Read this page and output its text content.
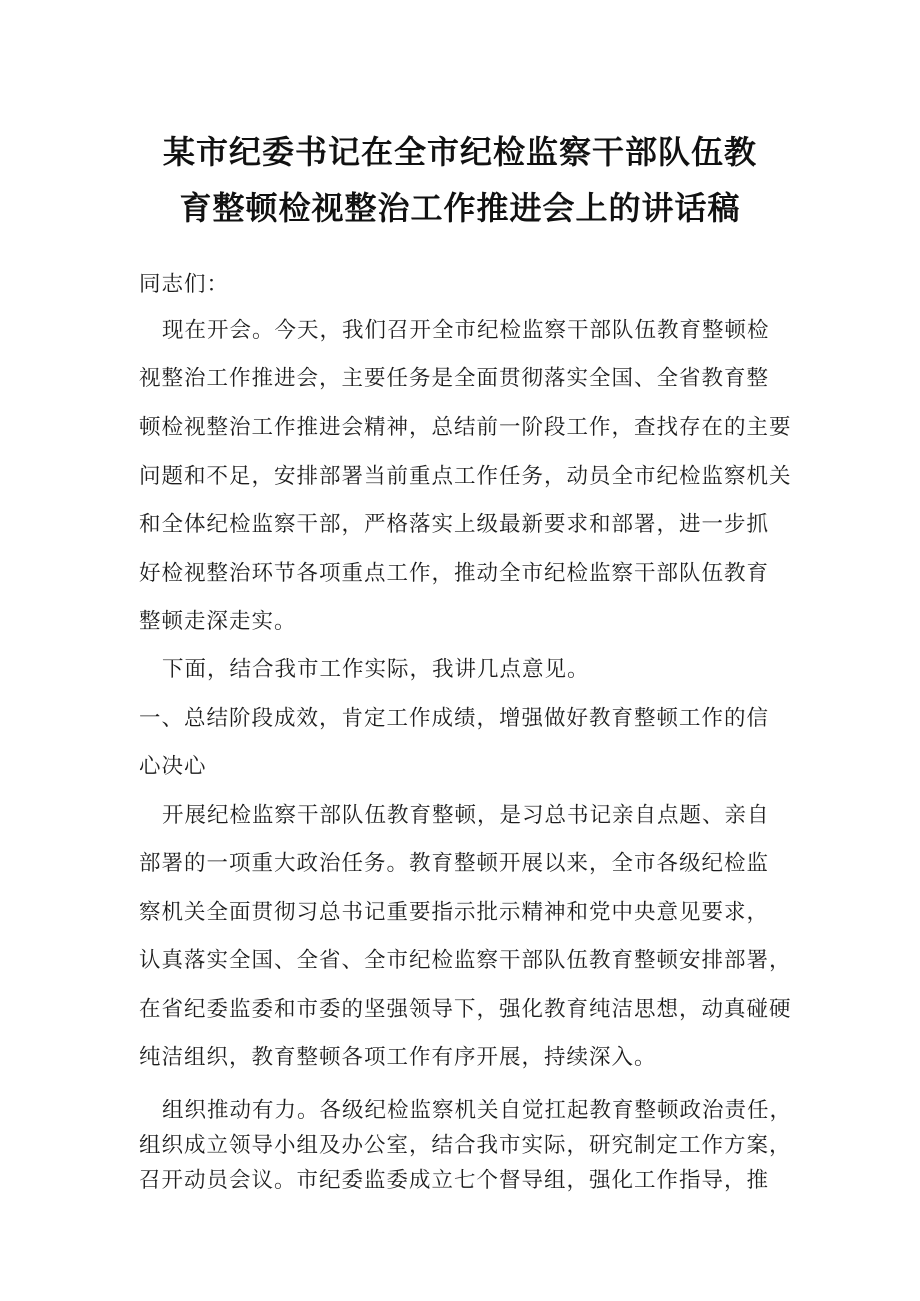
某市纪委书记在全市纪检监察干部队伍教
育整顿检视整治工作推进会上的讲话稿
同志们：
现在开会。今天，我们召开全市纪检监察干部队伍教育整顿检
视整治工作推进会，主要任务是全面贯彻落实全国、全省教育整
顿检视整治工作推进会精神，总结前一阶段工作，查找存在的主要
问题和不足，安排部署当前重点工作任务，动员全市纪检监察机关
和全体纪检监察干部，严格落实上级最新要求和部署，进一步抓
好检视整治环节各项重点工作，推动全市纪检监察干部队伍教育
整顿走深走实。
下面，结合我市工作实际，我讲几点意见。
一、总结阶段成效，肯定工作成绩，增强做好教育整顿工作的信
心决心
开展纪检监察干部队伍教育整顿，是习总书记亲自点题、亲自
部署的一项重大政治任务。教育整顿开展以来，全市各级纪检监
察机关全面贯彻习总书记重要指示批示精神和党中央意见要求，
认真落实全国、全省、全市纪检监察干部队伍教育整顿安排部署，
在省纪委监委和市委的坚强领导下，强化教育纯洁思想，动真碰硬
纯洁组织，教育整顿各项工作有序开展，持续深入。
组织推动有力。各级纪检监察机关自觉扛起教育整顿政治责任，
组织成立领导小组及办公室，结合我市实际，研究制定工作方案，
召开动员会议。市纪委监委成立七个督导组，强化工作指导，推
